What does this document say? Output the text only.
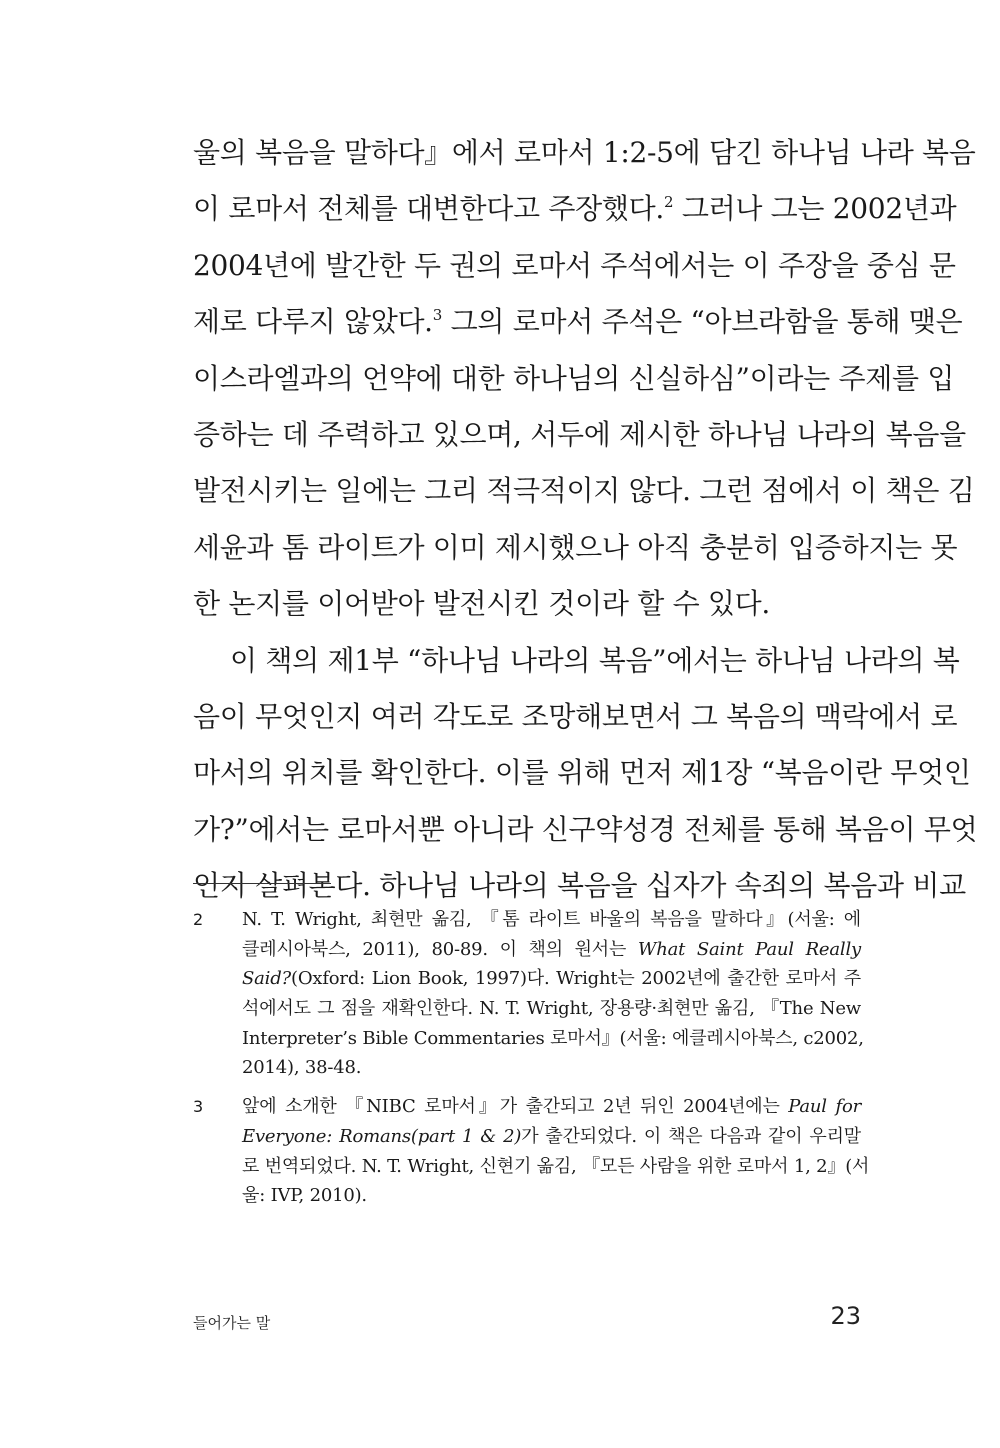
울의 복음을 말하다』에서 로마서 1:2-5에 담긴 하나님 나라 복음
이 로마서 전체를 대변한다고 주장했다.$^2$ 그러나 그는 2002년과
2004년에 발간한 두 권의 로마서 주석에서는 이 주장을 중심 문
제로 다루지 않았다.$^3$ 그의 로마서 주석은 “아브라함을 통해 맺은
이스라엘과의 언약에 대한 하나님의 신실하심”이라는 주제를 입
증하는 데 주력하고 있으며, 서두에 제시한 하나님 나라의 복음을
발전시키는 일에는 그리 적극적이지 않다. 그런 점에서 이 책은 김
세윤과 톰 라이트가 이미 제시했으나 아직 충분히 입증하지는 못
한 논지를 이어받아 발전시킨 것이라 할 수 있다.
이 책의 제1부 “하나님 나라의 복음”에서는 하나님 나라의 복
음이 무엇인지 여러 각도로 조망해보면서 그 복음의 맥락에서 로
마서의 위치를 확인한다. 이를 위해 먼저 제1장 “복음이란 무엇인
가?”에서는 로마서뿐 아니라 신구약성경 전체를 통해 복음이 무엇
인지 살펴본다. 하나님 나라의 복음을 십자가 속죄의 복음과 비교
2 N. T. Wright, 최현만 옮김, 『톰 라이트 바울의 복음을 말하다』(서울: 에
클레시아북스, 2011), 80-89. 이 책의 원서는 What Saint Paul Really
Said?(Oxford: Lion Book, 1997)다. Wright는 2002년에 출간한 로마서 주
석에서도 그 점을 재확인한다. N. T. Wright, 장용량·최현만 옮김, 『The New
Interpreter’s Bible Commentaries 로마서』(서울: 에클레시아북스, c2002,
2014), 38-48.
3 앞에 소개한 『NIBC 로마서』가 출간되고 2년 뒤인 2004년에는 Paul for
Everyone: Romans(part 1 & 2)가 출간되었다. 이 책은 다음과 같이 우리말
로 번역되었다. N. T. Wright, 신현기 옮김, 『모든 사람을 위한 로마서 1, 2』(서
울: IVP, 2010).
들어가는 말	23
